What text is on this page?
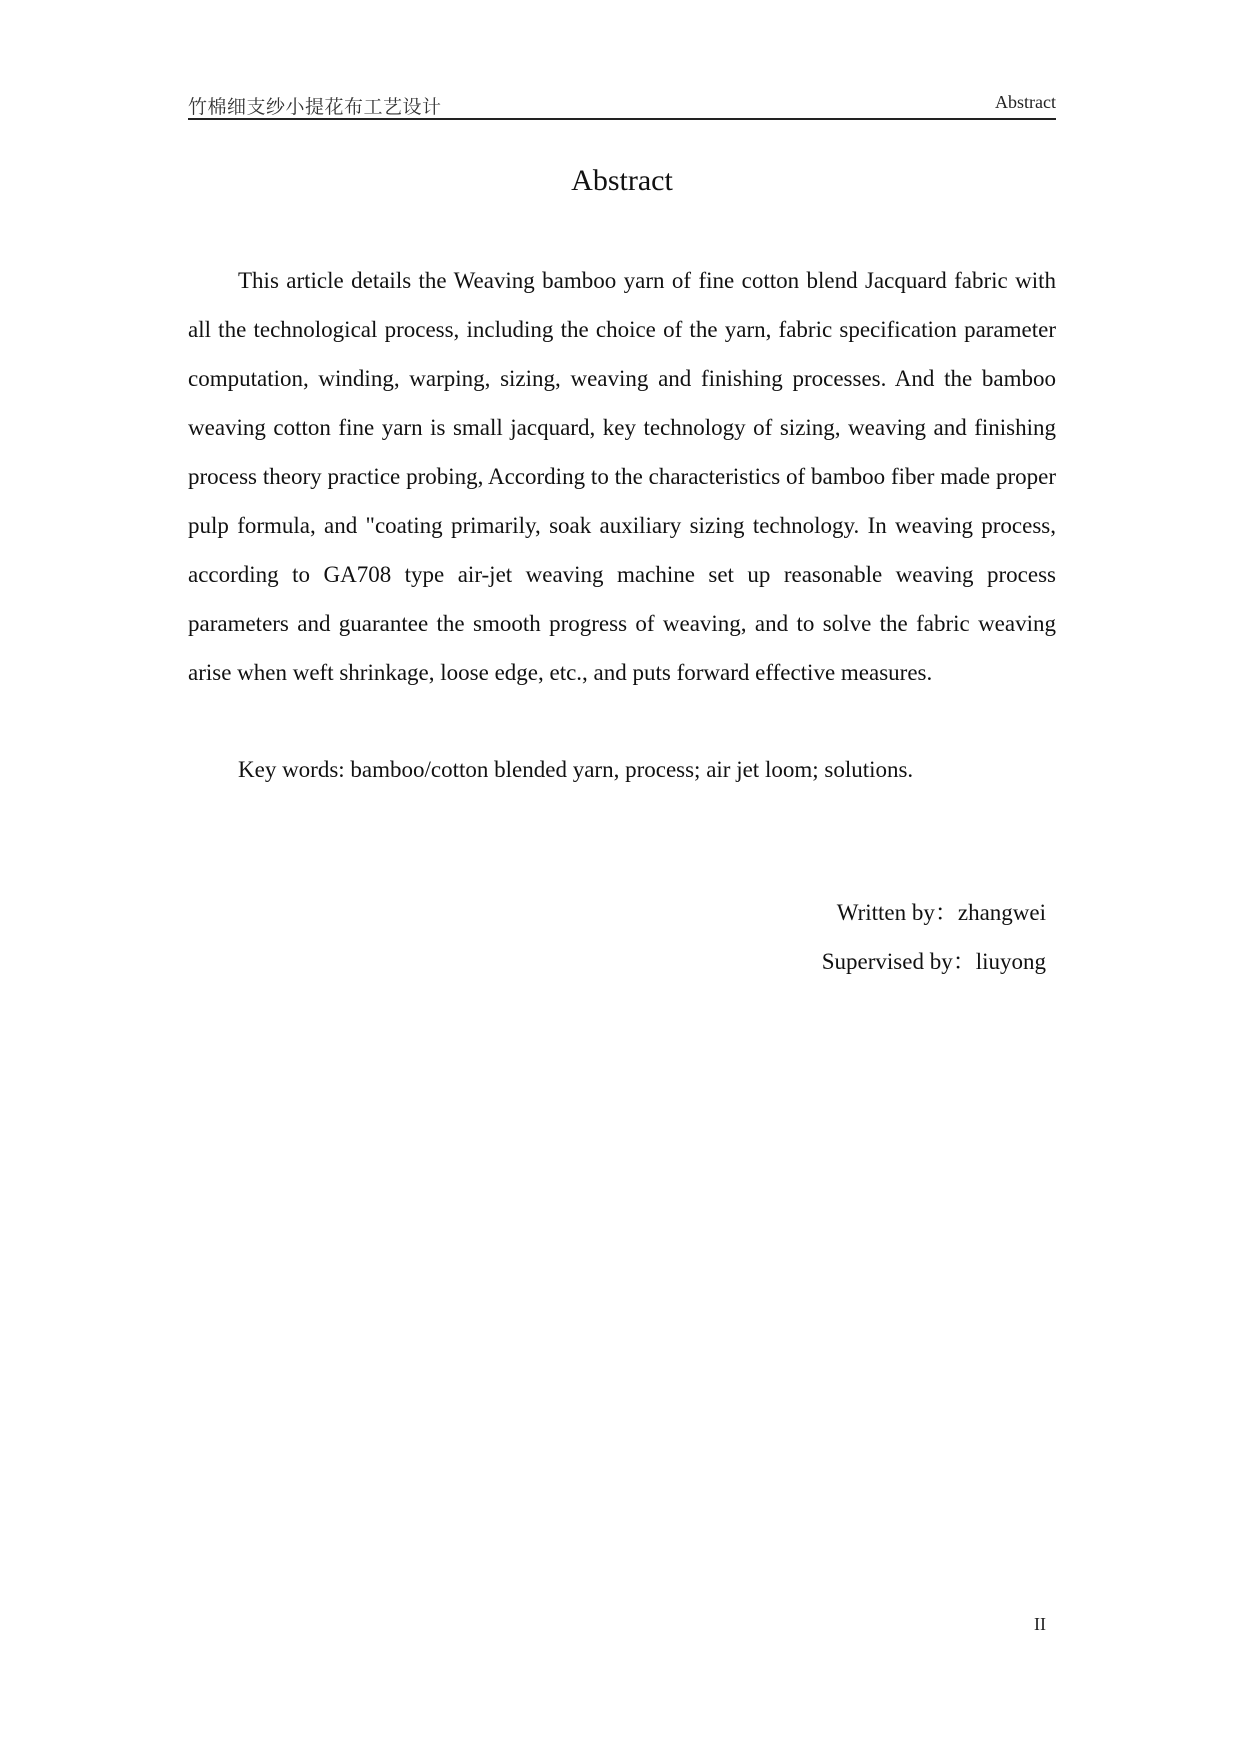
竹棉细支纱小提花布工艺设计	Abstract
Abstract

This article details the Weaving bamboo yarn of fine cotton blend Jacquard fabric with all the technological process, including the choice of the yarn, fabric specification parameter computation, winding, warping, sizing, weaving and finishing processes. And the bamboo weaving cotton fine yarn is small jacquard, key technology of sizing, weaving and finishing process theory practice probing, According to the characteristics of bamboo fiber made proper pulp formula, and "coating primarily, soak auxiliary sizing technology. In weaving process, according to GA708 type air-jet weaving machine set up reasonable weaving process parameters and guarantee the smooth progress of weaving, and to solve the fabric weaving arise when weft shrinkage, loose edge, etc., and puts forward effective measures.

Key words: bamboo/cotton blended yarn, process; air jet loom; solutions.

Written by：zhangwei
Supervised by：liuyong
II
